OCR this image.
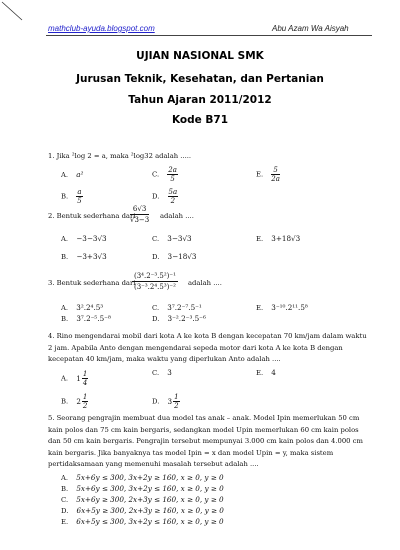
mathclub-ayuda.blogspot.com	Abu Azam Wa Aisyah
UJIAN NASIONAL SMK
Jurusan Teknik, Kesehatan, dan Pertanian
Tahun Ajaran 2011/2012
Kode B71
1. Jika ²log 2 = a, maka ²log32 adalah .....
A. a²
B. $\frac{a}{5}$
C. $\frac{2a}{5}$
D. $\frac{5a}{2}$
E. $\frac{5}{2a}$
2. Bentuk sederhana dari
$\frac{6√3}{√3-3}$ adalah ....
A. −3−3√3
B. −3+3√3
C. 3−3√3
D. 3−18√3
E. 3+18√3
3. Bentuk sederhana dari
$\frac{\text{(3⁴.2⁻³.5²)⁻¹}}{\text{(3⁻³.2⁴.5³)⁻²}}$ adalah ....
A. 3².2⁴.5³
B. 3⁷.2⁻⁵.5⁻⁸
C. 3⁷.2⁻⁷.5⁻¹
D. 3⁻².2⁻³.5⁻⁶
E. 3⁻¹⁰.2¹¹.5⁸
4. Rino mengendarai mobil dari kota A ke kota B dengan kecepatan 70 km/jam dalam waktu 2 jam. Apabila Anto dengan mengendarai sepeda motor dari kota A ke kota B dengan kecepatan 40 km/jam, maka waktu yang diperlukan Anto adalah ....
A. $1 \frac{1}{4}$
B. $2 \frac{1}{2}$
C. 3
D. $3 \frac{1}{2}$
E. 4
5. Seorang pengrajin membuat dua model tas anak – anak. Model Ipin memerlukan 50 cm kain polos dan 75 cm kain bergaris, sedangkan model Upin memerlukan 60 cm kain polos dan 50 cm kain bergaris. Pengrajin tersebut mempunyai 3.000 cm kain polos dan 4.000 cm kain bergaris. Jika banyaknya tas model Ipin = x dan model Upin = y, maka sistem pertidaksamaan yang memenuhi masalah tersebut adalah ....
A. 5x+6y ≤ 300, 3x+2y ≥ 160, x ≥ 0, y ≥ 0
B. 5x+6y ≤ 300, 3x+2y ≤ 160, x ≥ 0, y ≥ 0
C. 5x+6y ≥ 300, 2x+3y ≤ 160, x ≥ 0, y ≥ 0
D. 6x+5y ≥ 300, 2x+3y ≥ 160, x ≥ 0, y ≥ 0
E. 6x+5y ≤ 300, 3x+2y ≤ 160, x ≥ 0, y ≥ 0
